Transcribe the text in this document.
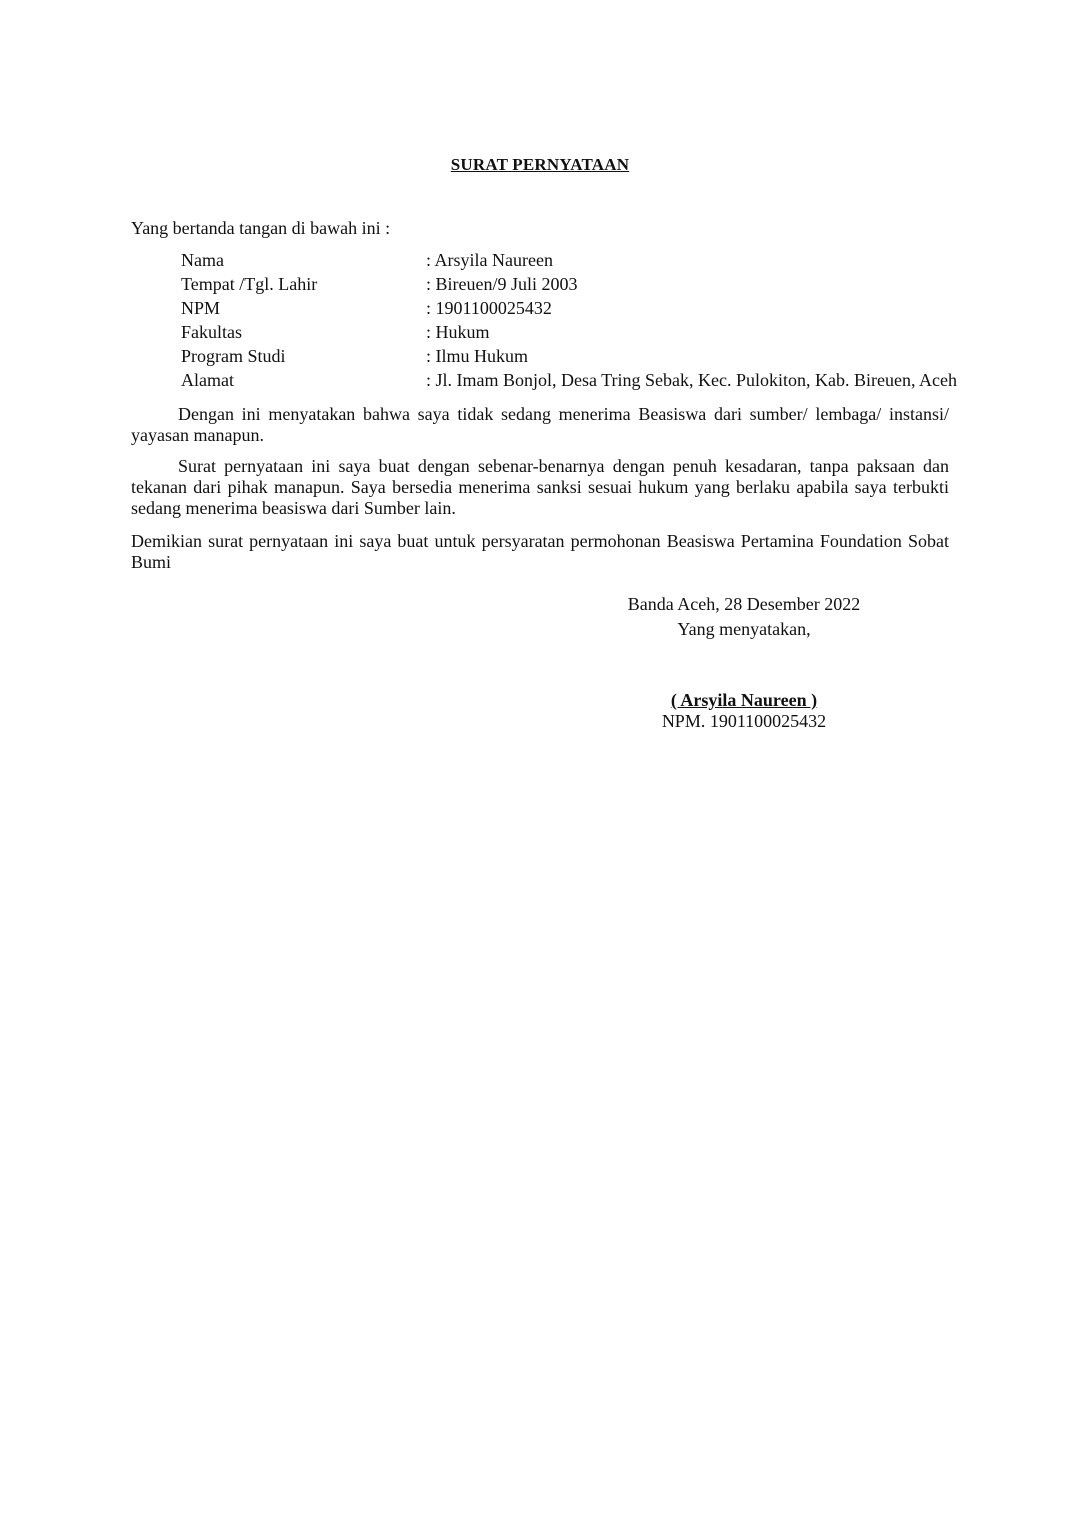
SURAT PERNYATAAN
Yang bertanda tangan di bawah ini :
Nama	: Arsyila Naureen
Tempat /Tgl. Lahir	: Bireuen/9 Juli 2003
NPM	: 1901100025432
Fakultas	: Hukum
Program Studi	: Ilmu Hukum
Alamat	: Jl. Imam Bonjol, Desa Tring Sebak, Kec. Pulokiton, Kab. Bireuen, Aceh
Dengan ini menyatakan bahwa saya tidak sedang menerima Beasiswa dari sumber/ lembaga/ instansi/ yayasan manapun.
Surat pernyataan ini saya buat dengan sebenar-benarnya dengan penuh kesadaran, tanpa paksaan dan tekanan dari pihak manapun. Saya bersedia menerima sanksi sesuai hukum yang berlaku apabila saya terbukti sedang menerima beasiswa dari Sumber lain.
Demikian surat pernyataan ini saya buat untuk persyaratan permohonan Beasiswa Pertamina Foundation Sobat Bumi
Banda Aceh, 28 Desember 2022
Yang menyatakan,
( Arsyila Naureen )
NPM. 1901100025432
